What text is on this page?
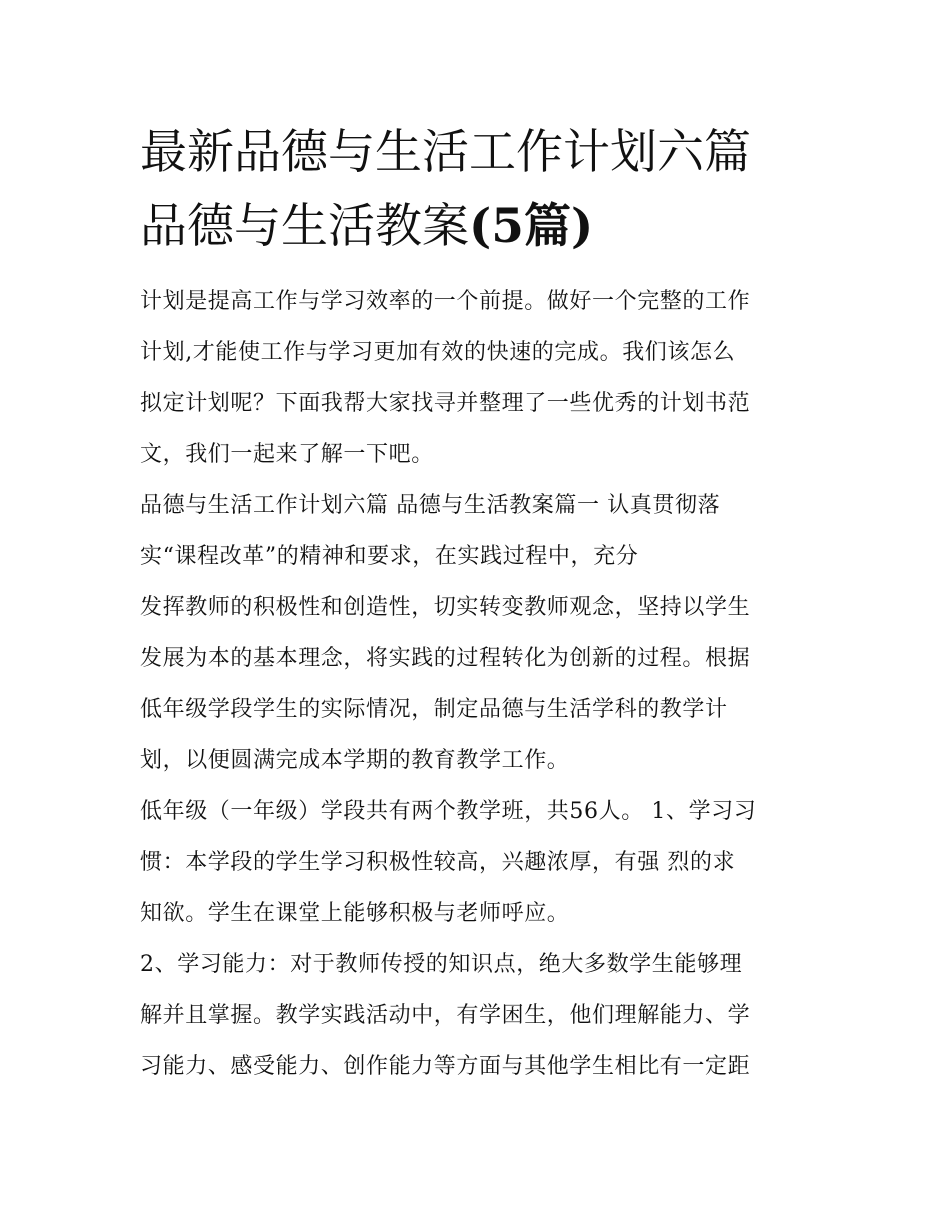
最新品德与生活工作计划六篇
品德与生活教案(5篇)
计划是提高工作与学习效率的一个前提。做好一个完整的工作
计划,才能使工作与学习更加有效的快速的完成。我们该怎么
拟定计划呢？下面我帮大家找寻并整理了一些优秀的计划书范
文，我们一起来了解一下吧。
品德与生活工作计划六篇 品德与生活教案篇一 认真贯彻落
实“课程改革”的精神和要求，在实践过程中，充分
发挥教师的积极性和创造性，切实转变教师观念，坚持以学生
发展为本的基本理念，将实践的过程转化为创新的过程。根据
低年级学段学生的实际情况，制定品德与生活学科的教学计
划，以便圆满完成本学期的教育教学工作。
低年级（一年级）学段共有两个教学班，共56人。 1、学习习
惯：本学段的学生学习积极性较高，兴趣浓厚，有强 烈的求
知欲。学生在课堂上能够积极与老师呼应。
2、学习能力：对于教师传授的知识点，绝大多数学生能够理
解并且掌握。教学实践活动中，有学困生，他们理解能力、学
习能力、感受能力、创作能力等方面与其他学生相比有一定距
